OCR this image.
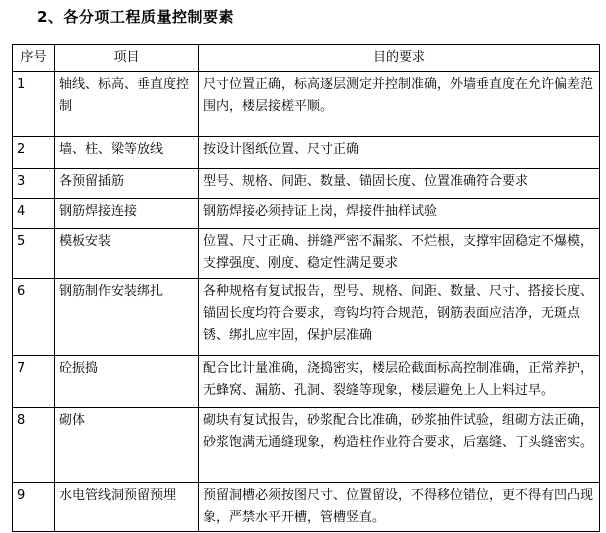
2、各分项工程质量控制要素
序号	项目	目的要求
1	轴线、标高、垂直度控制	尺寸位置正确，标高逐层测定并控制准确，外墙垂直度在允许偏差范围内，楼层接槎平顺。
2	墙、柱、梁等放线	按设计图纸位置、尺寸正确
3	各预留插筋	型号、规格、间距、数量、锚固长度、位置准确符合要求
4	钢筋焊接连接	钢筋焊接必须持证上岗，焊接件抽样试验
5	模板安装	位置、尺寸正确、拼缝严密不漏浆、不烂根，支撑牢固稳定不爆模，支撑强度、刚度、稳定性满足要求
6	钢筋制作安装绑扎	各种规格有复试报告，型号、规格、间距、数量、尺寸、搭接长度、锚固长度均符合要求，弯钩均符合规范，钢筋表面应洁净，无斑点锈、绑扎应牢固，保护层准确
7	砼振捣	配合比计量准确，浇捣密实，楼层砼截面标高控制准确，正常养护，无蜂窝、漏筋、孔洞、裂缝等现象，楼层避免上人上料过早。
8	砌体	砌块有复试报告，砂浆配合比准确，砂浆抽件试验，组砌方法正确，砂浆饱满无通缝现象，构造柱作业符合要求，后塞缝、丁头缝密实。
9	水电管线洞预留预埋	预留洞槽必须按图尺寸、位置留设，不得移位错位，更不得有凹凸现象，严禁水平开槽，管槽竖直。
